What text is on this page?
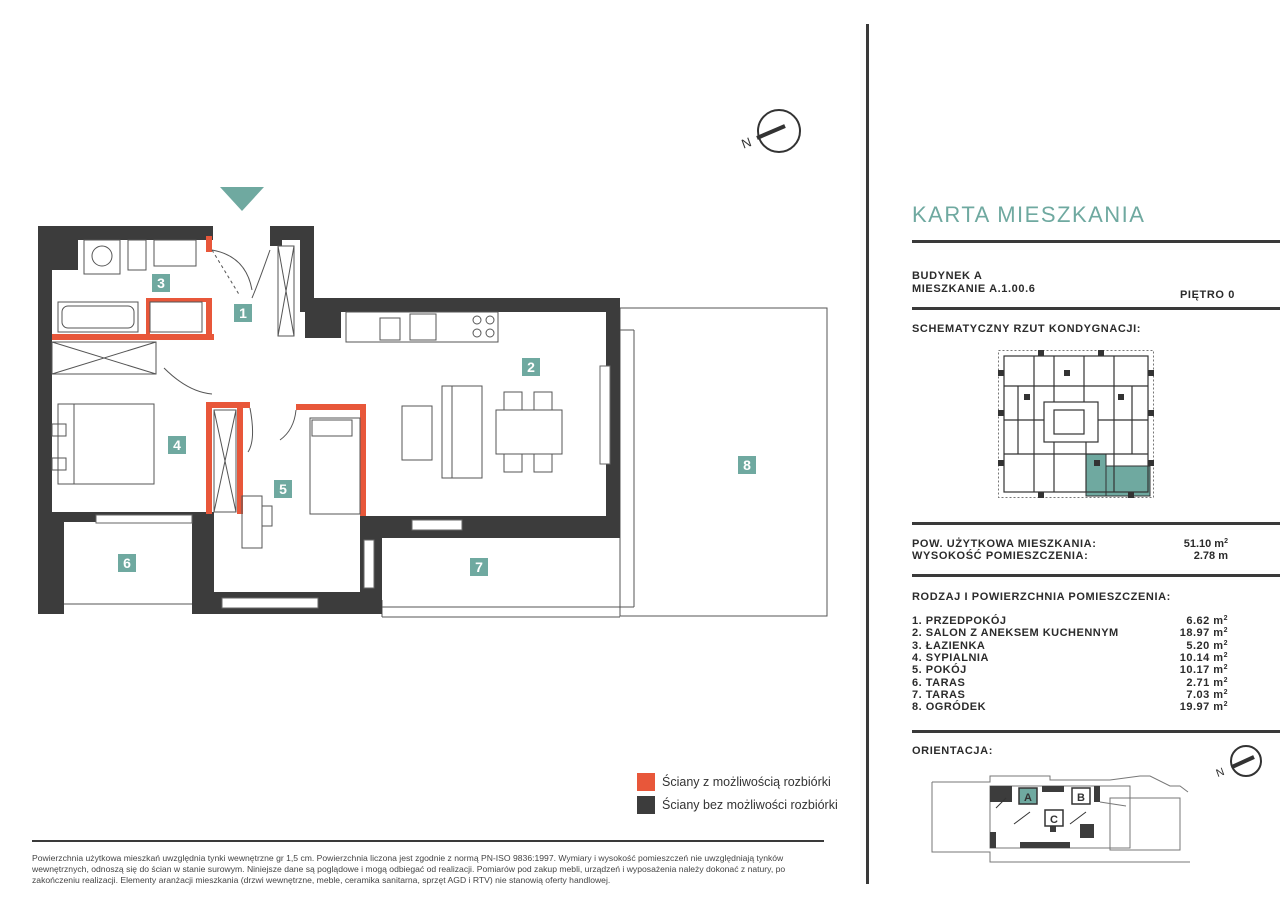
N
1
2
3
4
5
6	7
8
Ściany z możliwością rozbiórki
Ściany bez możliwości rozbiórki
Powierzchnia użytkowa mieszkań uwzględnia tynki wewnętrzne gr 1,5 cm. Powierzchnia liczona jest zgodnie z normą PN-ISO 9836:1997. Wymiary i wysokość pomieszczeń nie uwzględniają tynków wewnętrznych, odnoszą się do ścian w stanie surowym. Niniejsze dane są poglądowe i mogą odbiegać od realizacji. Pomiarów pod zakup mebli, urządzeń i wyposażenia należy dokonać z natury, po zakończeniu realizacji. Elementy aranżacji mieszkania (drzwi wewnętrzne, meble, ceramika sanitarna, sprzęt AGD i RTV) nie stanowią oferty handlowej.
KARTA MIESZKANIA
BUDYNEK A
MIESZKANIE A.1.00.6	PIĘTRO 0
SCHEMATYCZNY RZUT KONDYGNACJI:
POW. UŻYTKOWA MIESZKANIA:	51.10 $m^2$
WYSOKOŚĆ POMIESZCZENIA:	2.78 m
RODZAJ I POWIERZCHNIA POMIESZCZENIA:
1. PRZEDPOKÓJ	6.62 $m^2$
2. SALON Z ANEKSEM KUCHENNYM	18.97 $m^2$
3. ŁAZIENKA	5.20 $m^2$
4. SYPIALNIA	10.14 $m^2$
5. POKÓJ	10.17 $m^2$
6. TARAS	2.71 $m^2$
7. TARAS	7.03 $m^2$
8. OGRÓDEK	19.97 $m^2$
ORIENTACJA:
N
A	B
C
